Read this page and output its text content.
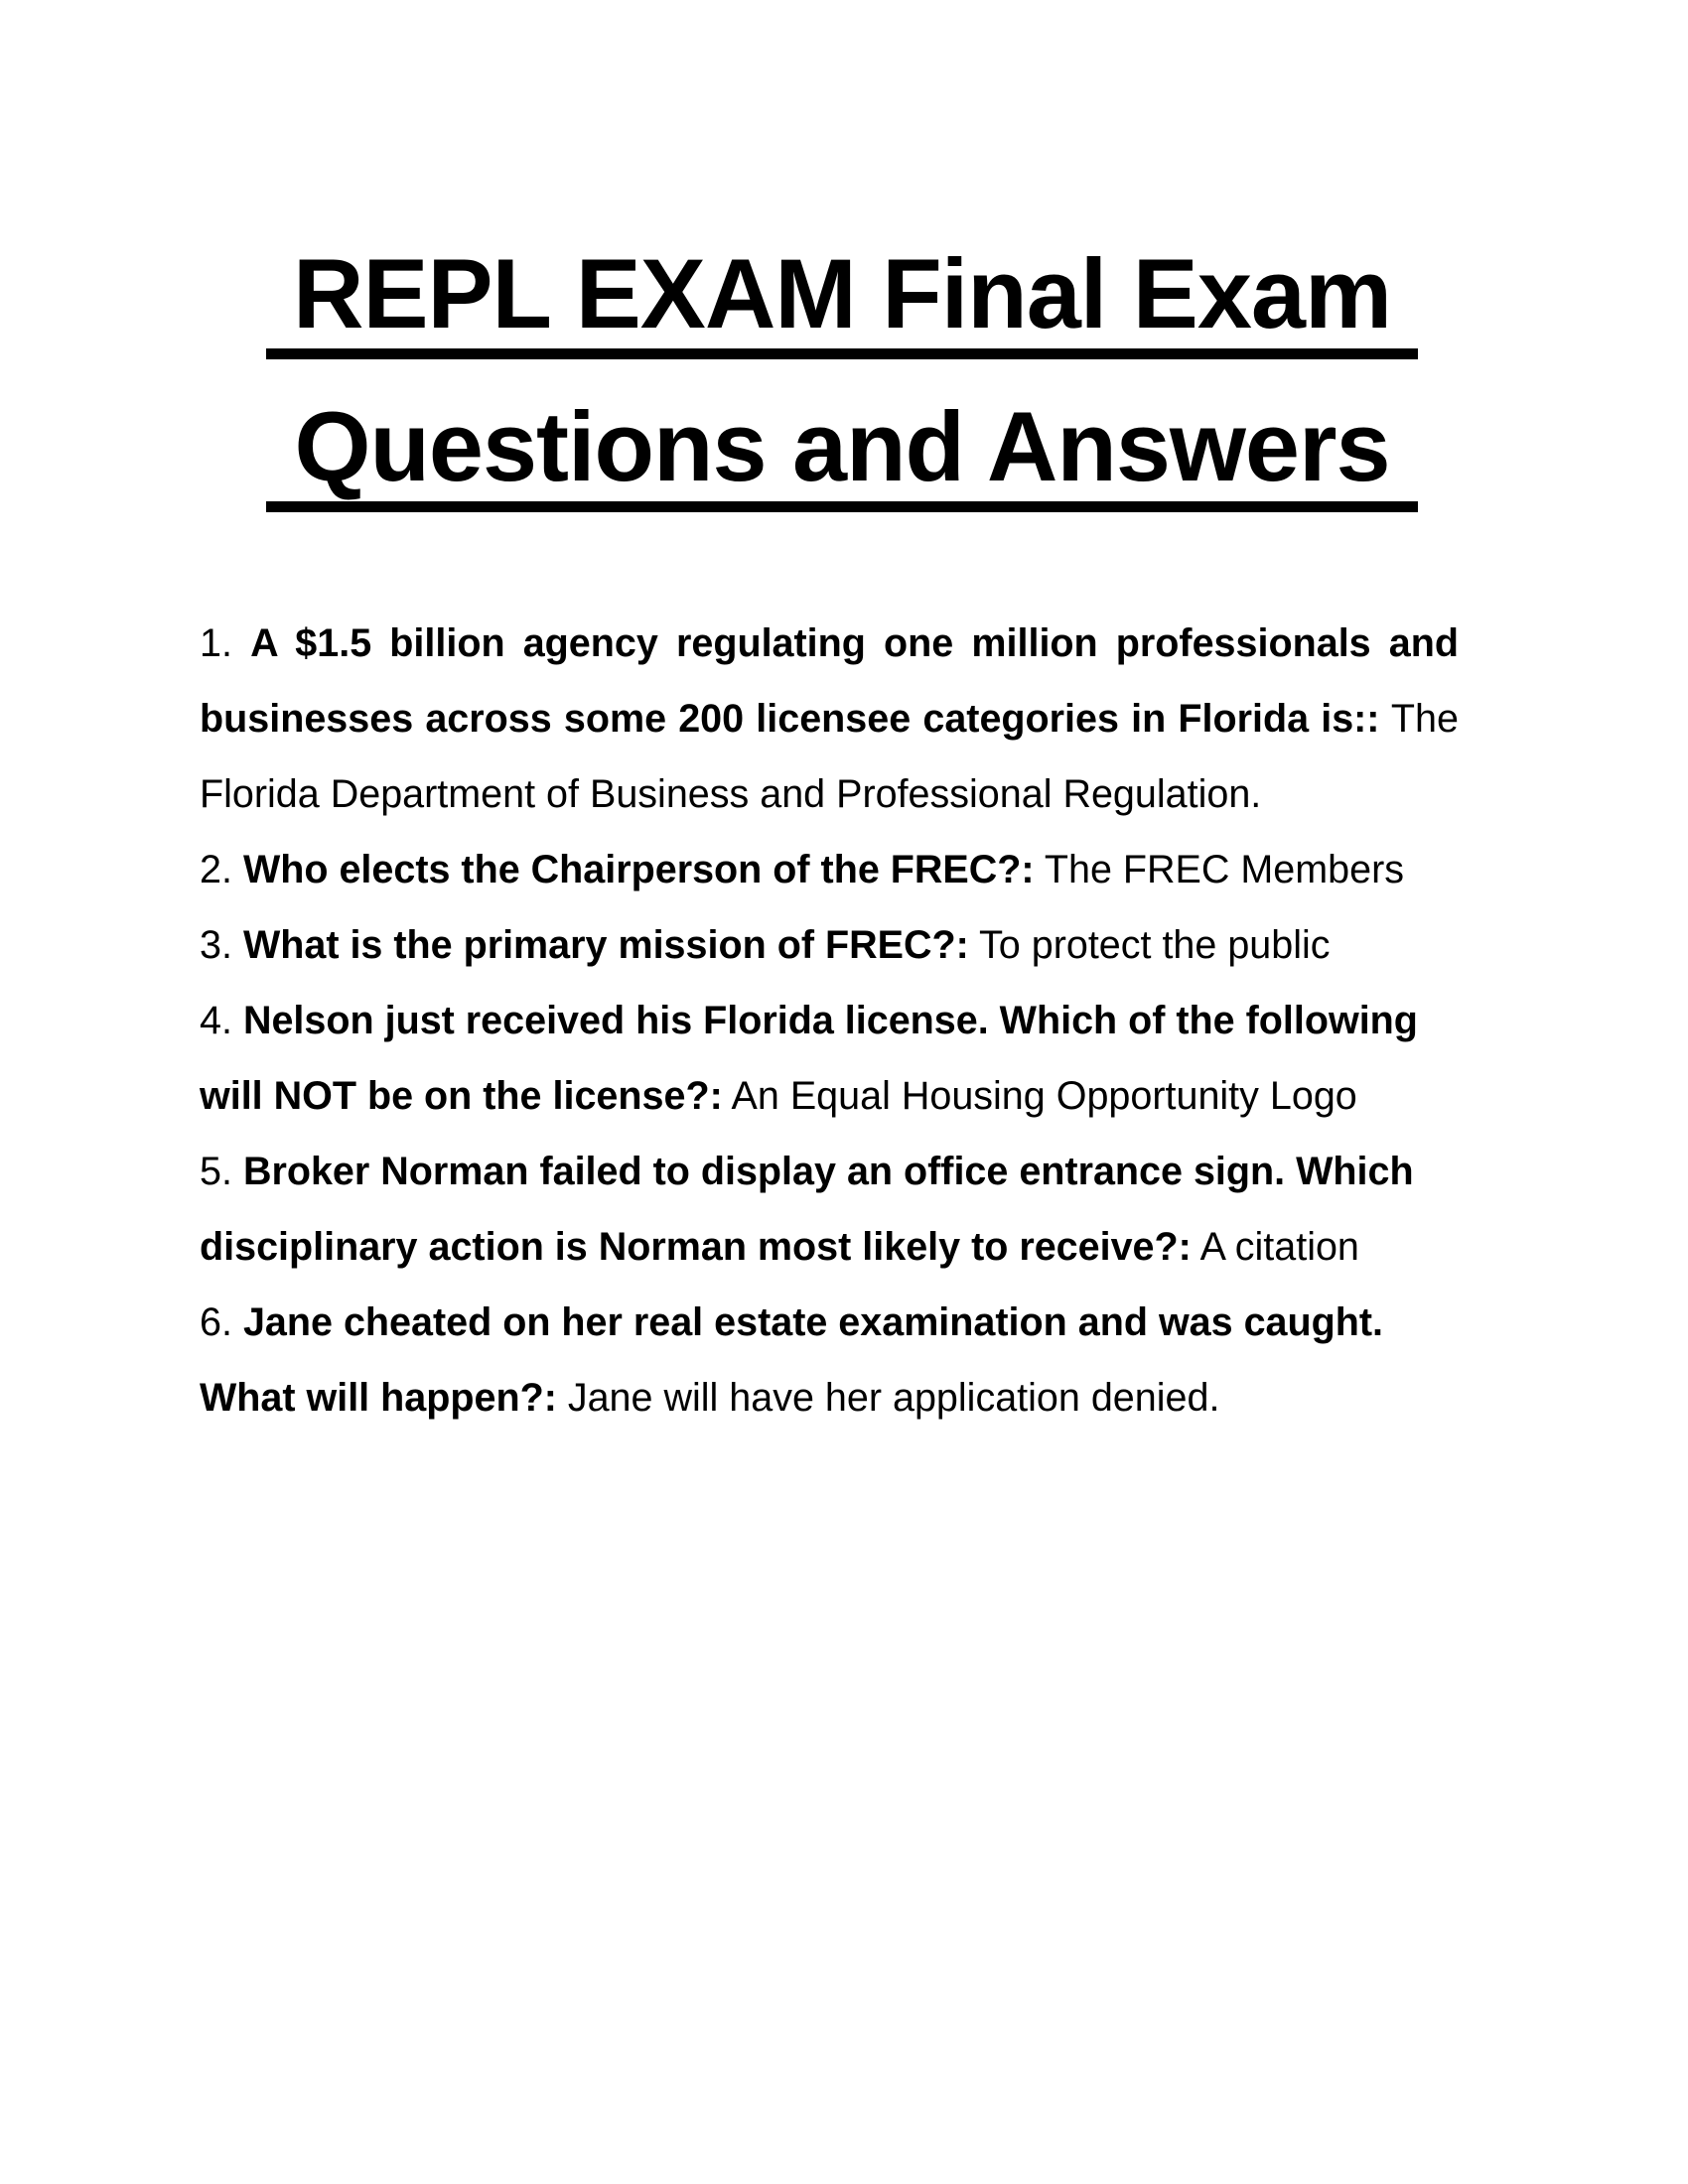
REPL EXAM Final Exam
Questions and Answers

1. A $1.5 billion agency regulating one million professionals and businesses across some 200 licensee categories in Florida is:: The Florida Department of Business and Professional Regulation.

2. Who elects the Chairperson of the FREC?: The FREC Members

3. What is the primary mission of FREC?: To protect the public

4. Nelson just received his Florida license. Which of the following will NOT be on the license?: An Equal Housing Opportunity Logo

5. Broker Norman failed to display an office entrance sign. Which disciplinary action is Norman most likely to receive?: A citation

6. Jane cheated on her real estate examination and was caught. What will happen?: Jane will have her application denied.
